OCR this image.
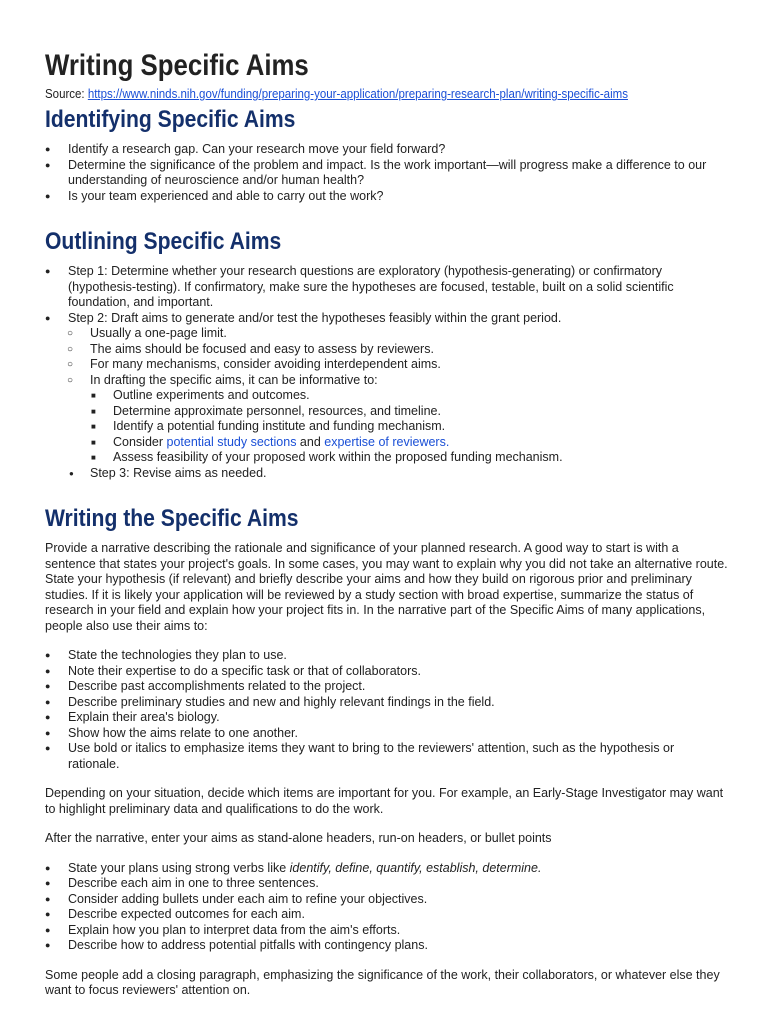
Writing Specific Aims
Source: https://www.ninds.nih.gov/funding/preparing-your-application/preparing-research-plan/writing-specific-aims
Identifying Specific Aims
● Identify a research gap. Can your research move your field forward?
● Determine the significance of the problem and impact. Is the work important—will progress make a difference to our understanding of neuroscience and/or human health?
● Is your team experienced and able to carry out the work?
Outlining Specific Aims
● Step 1: Determine whether your research questions are exploratory (hypothesis-generating) or confirmatory (hypothesis-testing). If confirmatory, make sure the hypotheses are focused, testable, built on a solid scientific foundation, and important.
● Step 2: Draft aims to generate and/or test the hypotheses feasibly within the grant period.
○ Usually a one-page limit.
○ The aims should be focused and easy to assess by reviewers.
○ For many mechanisms, consider avoiding interdependent aims.
○ In drafting the specific aims, it can be informative to:
■ Outline experiments and outcomes.
■ Determine approximate personnel, resources, and timeline.
■ Identify a potential funding institute and funding mechanism.
■ Consider potential study sections and expertise of reviewers.
■ Assess feasibility of your proposed work within the proposed funding mechanism.
● Step 3: Revise aims as needed.
Writing the Specific Aims

Provide a narrative describing the rationale and significance of your planned research. A good way to start is with a sentence that states your project's goals. In some cases, you may want to explain why you did not take an alternative route. State your hypothesis (if relevant) and briefly describe your aims and how they build on rigorous prior and preliminary studies. If it is likely your application will be reviewed by a study section with broad expertise, summarize the status of research in your field and explain how your project fits in. In the narrative part of the Specific Aims of many applications, people also use their aims to:

● State the technologies they plan to use.
● Note their expertise to do a specific task or that of collaborators.
● Describe past accomplishments related to the project.
● Describe preliminary studies and new and highly relevant findings in the field.
● Explain their area's biology.
● Show how the aims relate to one another.
● Use bold or italics to emphasize items they want to bring to the reviewers' attention, such as the hypothesis or rationale.

Depending on your situation, decide which items are important for you. For example, an Early-Stage Investigator may want to highlight preliminary data and qualifications to do the work.

After the narrative, enter your aims as stand-alone headers, run-on headers, or bullet points

● State your plans using strong verbs like identify, define, quantify, establish, determine.
● Describe each aim in one to three sentences.
● Consider adding bullets under each aim to refine your objectives.
● Describe expected outcomes for each aim.
● Explain how you plan to interpret data from the aim's efforts.
● Describe how to address potential pitfalls with contingency plans.

Some people add a closing paragraph, emphasizing the significance of the work, their collaborators, or whatever else they want to focus reviewers' attention on.
